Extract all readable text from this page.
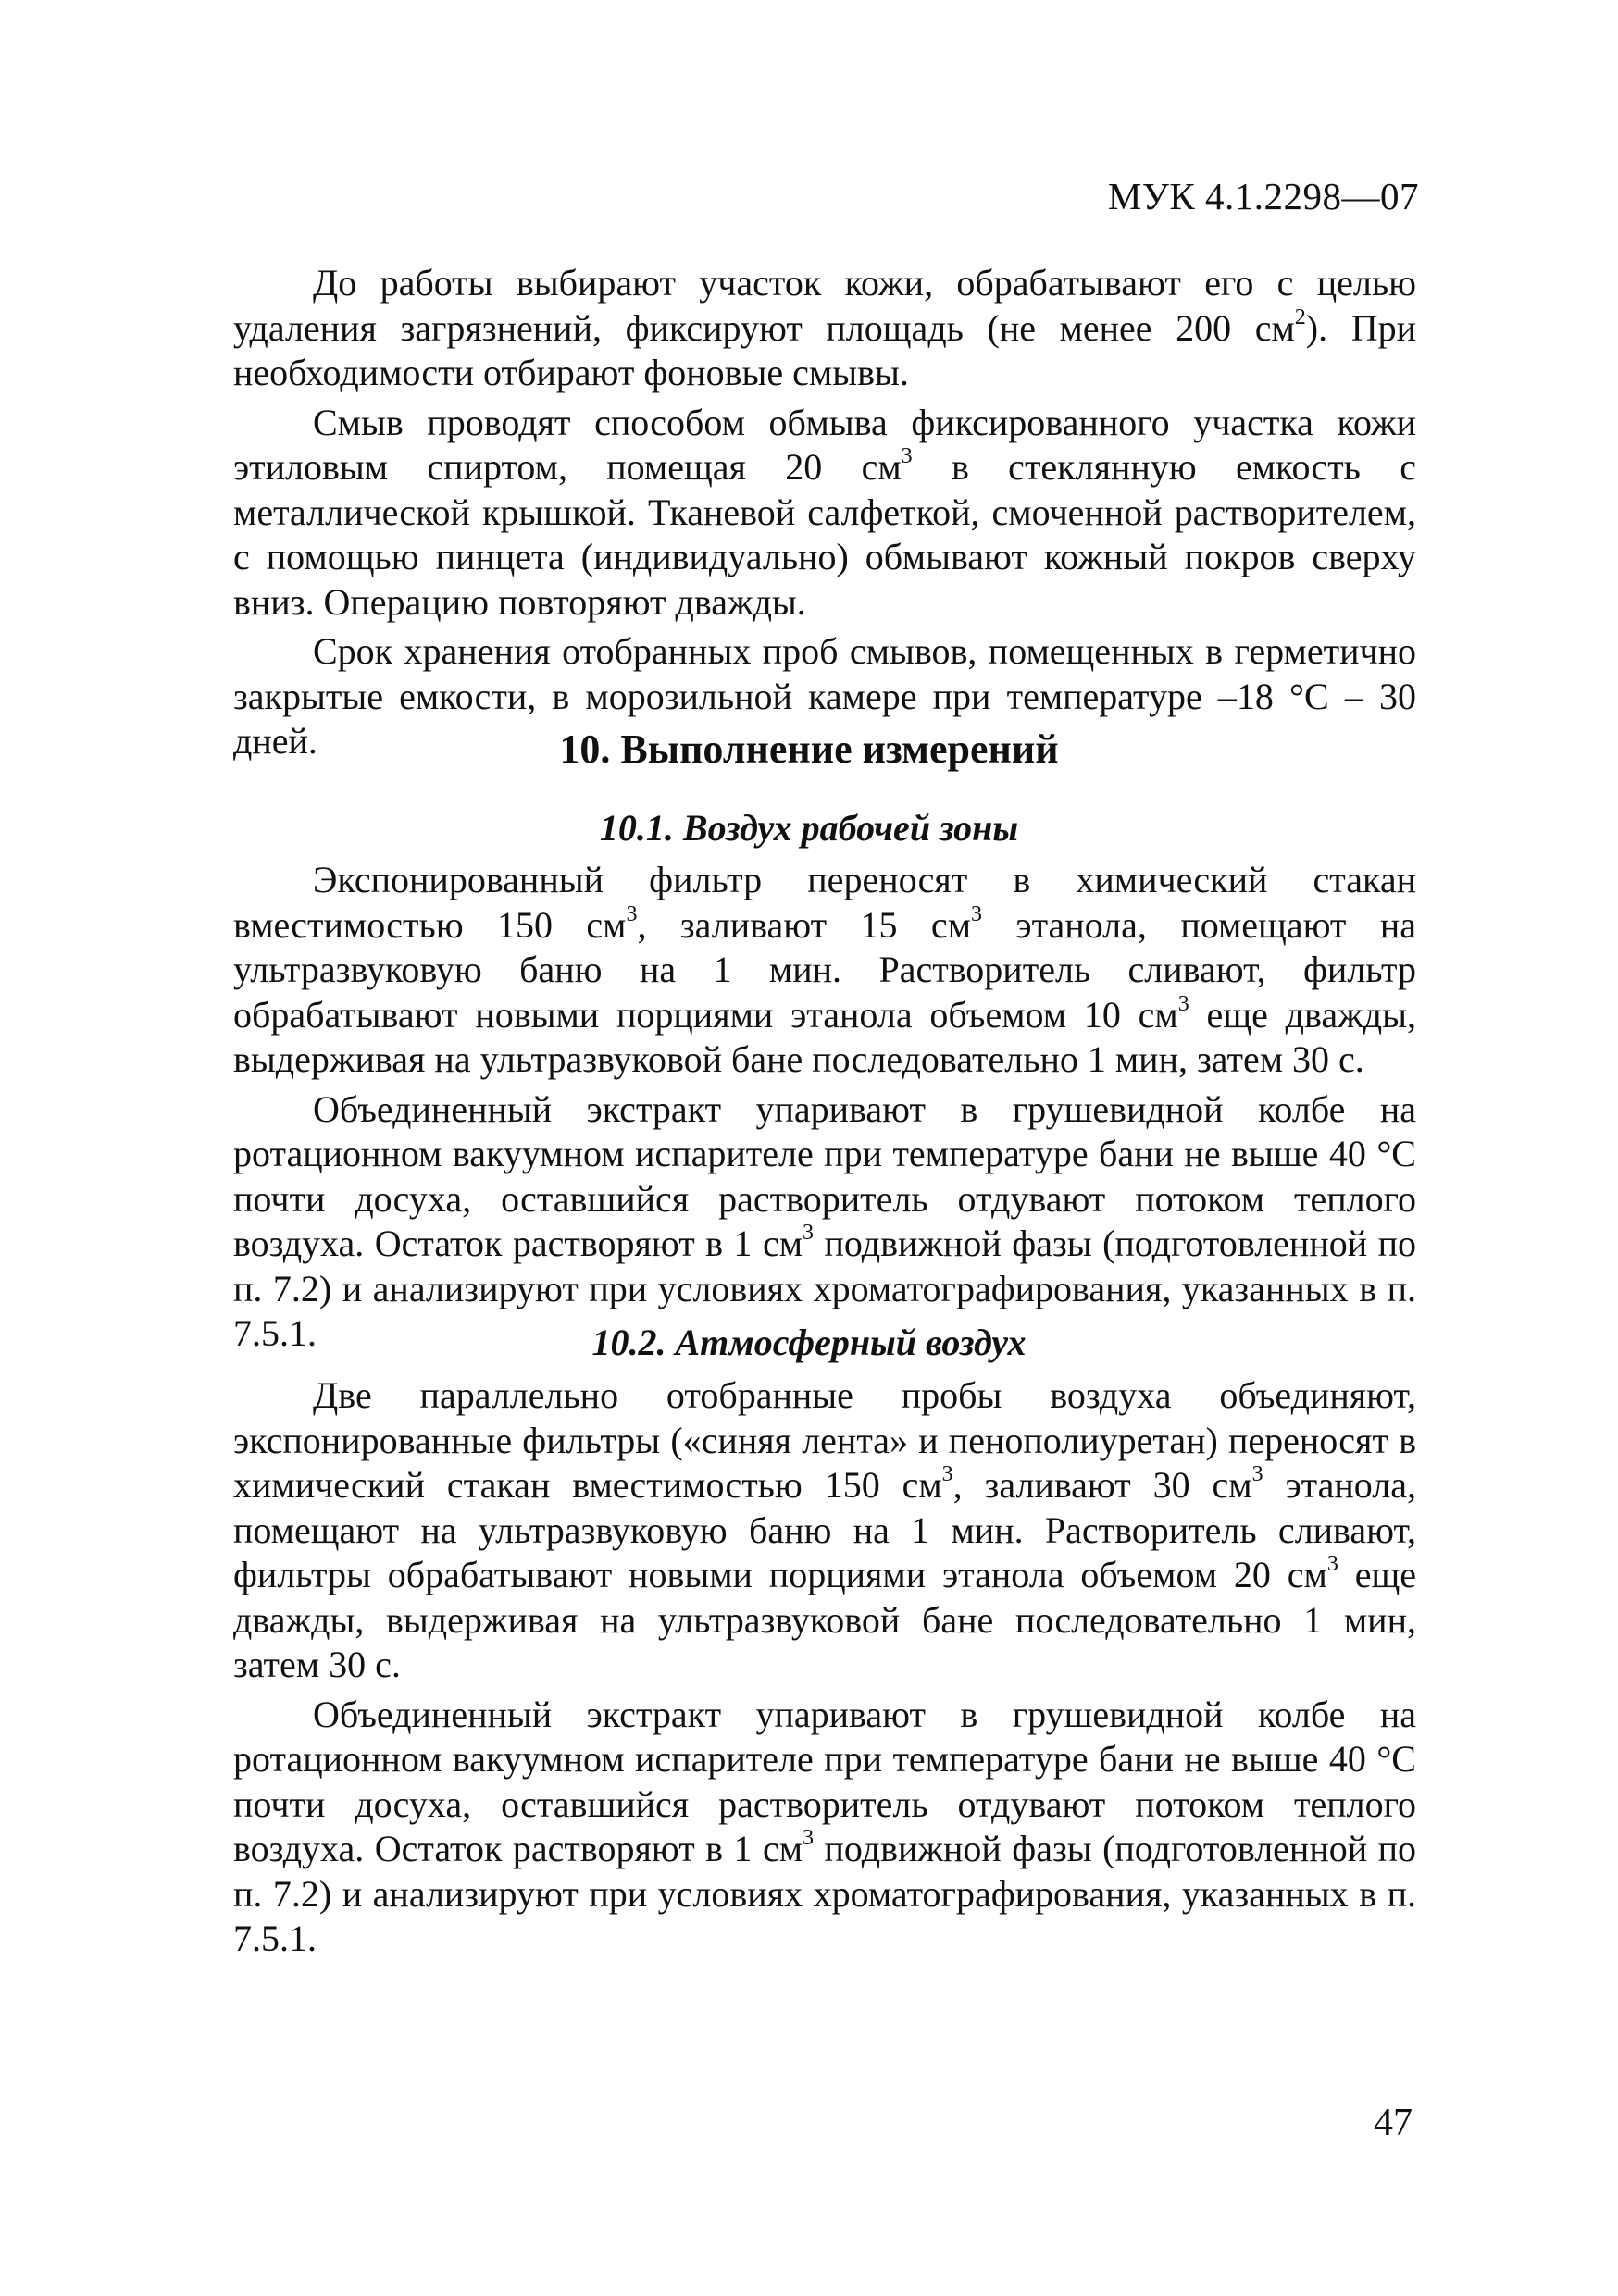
МУК 4.1.2298—07

До работы выбирают участок кожи, обрабатывают его с целью удаления загрязнений, фиксируют площадь (не менее 200 $см^2$). При необходимости отбирают фоновые смывы.

Смыв проводят способом обмыва фиксированного участка кожи этиловым спиртом, помещая 20 $см^3$ в стеклянную емкость с металлической крышкой. Тканевой салфеткой, смоченной растворителем, с помощью пинцета (индивидуально) обмывают кожный покров сверху вниз. Операцию повторяют дважды.

Срок хранения отобранных проб смывов, помещенных в герметично закрытые емкости, в морозильной камере при температуре –18 °С – 30 дней.	10. Выполнение измерений
10.1. Воздух рабочей зоны

Экспонированный фильтр переносят в химический стакан вместимостью 150 $см^3$, заливают 15 $см^3$ этанола, помещают на ультразвуковую баню на 1 мин. Растворитель сливают, фильтр обрабатывают новыми порциями этанола объемом 10 $см^3$ еще дважды, выдерживая на ультразвуковой бане последовательно 1 мин, затем 30 с.

Объединенный экстракт упаривают в грушевидной колбе на ротационном вакуумном испарителе при температуре бани не выше 40 °С почти досуха, оставшийся растворитель отдувают потоком теплого воздуха. Остаток растворяют в 1 $см^3$ подвижной фазы (подготовленной по п. 7.2) и анализируют при условиях хроматографирования, указанных в п. 7.5.1.	10.2. Атмосферный воздух

Две параллельно отобранные пробы воздуха объединяют, экспонированные фильтры («синяя лента» и пенополиуретан) переносят в химический стакан вместимостью 150 $см^3$, заливают 30 $см^3$ этанола, помещают на ультразвуковую баню на 1 мин. Растворитель сливают, фильтры обрабатывают новыми порциями этанола объемом 20 $см^3$ еще дважды, выдерживая на ультразвуковой бане последовательно 1 мин, затем 30 с.

Объединенный экстракт упаривают в грушевидной колбе на ротационном вакуумном испарителе при температуре бани не выше 40 °С почти досуха, оставшийся растворитель отдувают потоком теплого воздуха. Остаток растворяют в 1 $см^3$ подвижной фазы (подготовленной по п. 7.2) и анализируют при условиях хроматографирования, указанных в п. 7.5.1.

47
